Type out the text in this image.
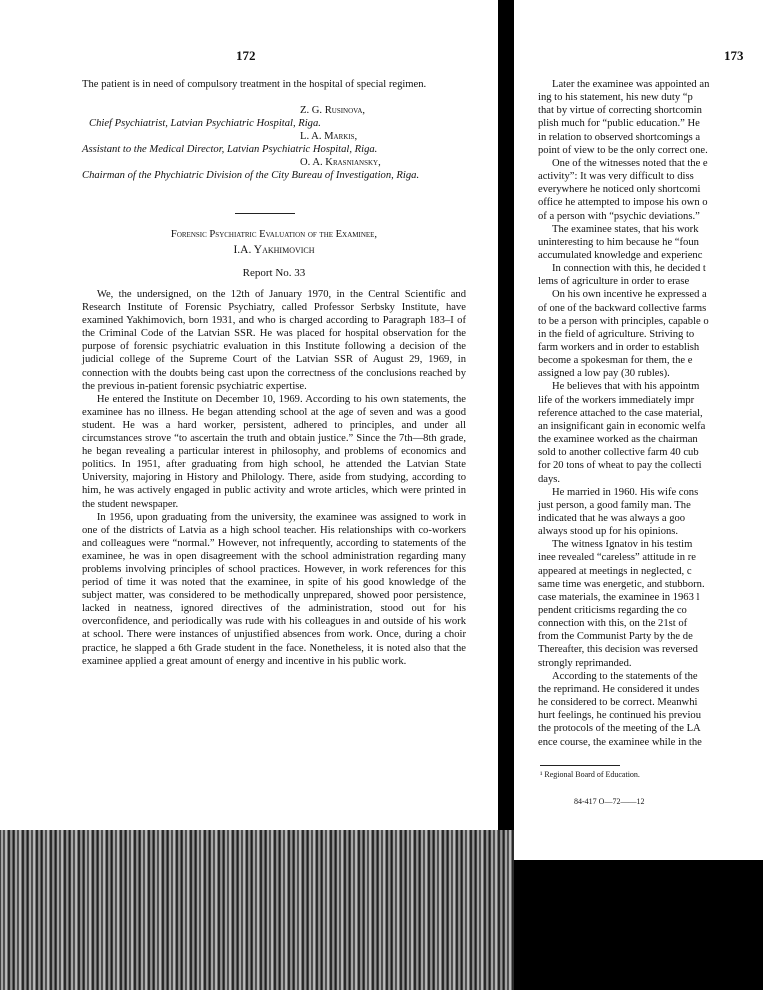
172

The patient is in need of compulsory treatment in the hospital of special regimen.

Z. G. Rusinova,
Chief Psychiatrist, Latvian Psychiatric Hospital, Riga.
L. A. Markis,
Assistant to the Medical Director, Latvian Psychiatric Hospital, Riga.
O. A. Krasniansky,
Chairman of the Phychiatric Division of the City Bureau of Investigation, Riga.
Forensic Psychiatric Evaluation of the Examinee,
I.A. Yakhimovich
Report No. 33

We, the undersigned, on the 12th of January 1970, in the Central Scientific and Research Institute of Forensic Psychiatry, called Professor Serbsky Institute, have examined Yakhimovich, born 1931, and who is charged according to Paragraph 183–I of the Criminal Code of the Latvian SSR. He was placed for hospital observation for the purpose of forensic psychiatric evaluation in this Institute following a decision of the judicial college of the Supreme Court of the Latvian SSR of August 29, 1969, in connection with the doubts being cast upon the correctness of the conclusions reached by the previous in-patient forensic psychiatric expertise.

He entered the Institute on December 10, 1969. According to his own statements, the examinee has no illness. He began attending school at the age of seven and was a good student. He was a hard worker, persistent, adhered to principles, and under all circumstances strove “to ascertain the truth and obtain justice.” Since the 7th—8th grade, he began revealing a particular interest in philosophy, and problems of economics and politics. In 1951, after graduating from high school, he attended the Latvian State University, majoring in History and Philology. There, aside from studying, according to him, he was actively engaged in public activity and wrote articles, which were printed in the student newspaper.

In 1956, upon graduating from the university, the examinee was assigned to work in one of the districts of Latvia as a high school teacher. His relationships with co-workers and colleagues were “normal.” However, not infrequently, according to statements of the examinee, he was in open disagreement with the school administration regarding many problems involving principles of school practices. However, in work references for this period of time it was noted that the examinee, in spite of his good knowledge of the subject matter, was considered to be methodically unprepared, showed poor persistence, lacked in neatness, ignored directives of the administration, stood out for his overconfidence, and periodically was rude with his colleagues in and outside of his work at school. There were instances of unjustified absences from work. Once, during a choir practice, he slapped a 6th Grade student in the face. Nonetheless, it is noted also that the examinee applied a great amount of energy and incentive in his public work.

173
Later the examinee was appointed an
ing to his statement, his new duty “p
that by virtue of correcting shortcomin
plish much for “public education.” He
in relation to observed shortcomings a
point of view to be the only correct one.
One of the witnesses noted that the e
activity”: It was very difficult to diss
everywhere he noticed only shortcomi
office he attempted to impose his own o
of a person with “psychic deviations.”
The examinee states, that his work
uninteresting to him because he “foun
accumulated knowledge and experienc
In connection with this, he decided t
lems of agriculture in order to erase
On his own incentive he expressed a
of one of the backward collective farms
to be a person with principles, capable o
in the field of agriculture. Striving to
farm workers and in order to establish
become a spokesman for them, the e
assigned a low pay (30 rubles).
He believes that with his appointm
life of the workers immediately impr
reference attached to the case material,
an insignificant gain in economic welfa
the examinee worked as the chairman
sold to another collective farm 40 cub
for 20 tons of wheat to pay the collecti
days.
He married in 1960. His wife cons
just person, a good family man. The
indicated that he was always a goo
always stood up for his opinions.
The witness Ignatov in his testim
inee revealed “careless” attitude in re
appeared at meetings in neglected, c
same time was energetic, and stubborn.
case materials, the examinee in 1963 l
pendent criticisms regarding the co
connection with this, on the 21st of
from the Communist Party by the de
Thereafter, this decision was reversed
strongly reprimanded.
According to the statements of the
the reprimand. He considered it undes
he considered to be correct. Meanwhi
hurt feelings, he continued his previou
the protocols of the meeting of the LA
ence course, the examinee while in the
¹ Regional Board of Education.
84-417 O—72——12
